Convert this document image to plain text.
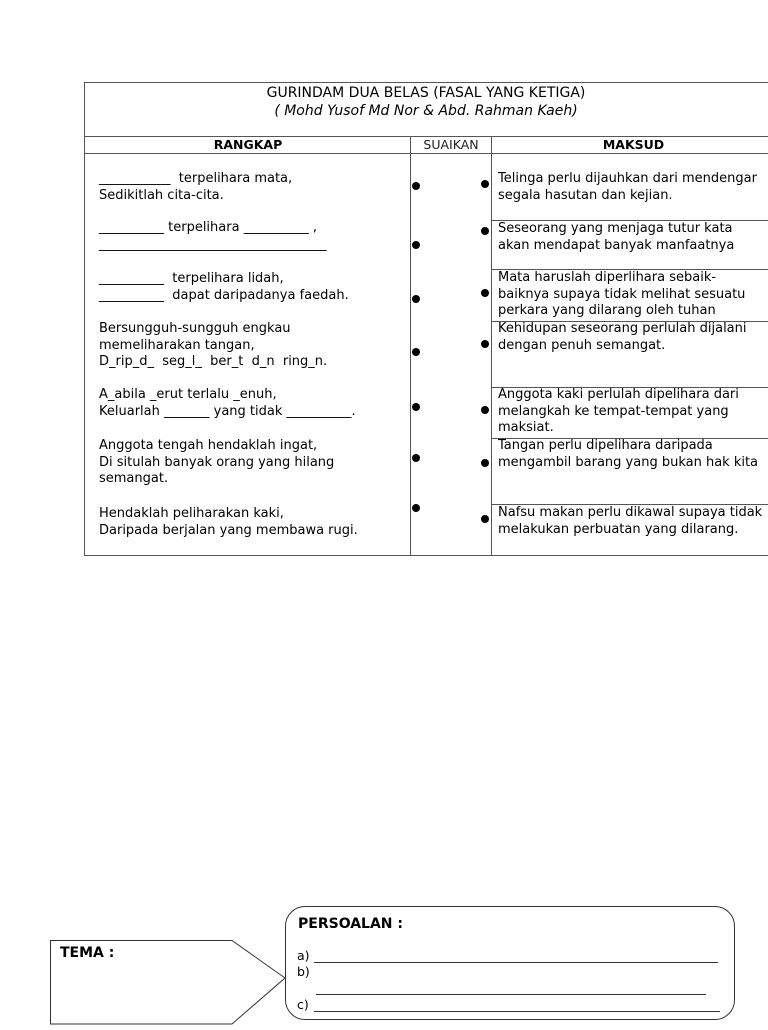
GURINDAM DUA BELAS (FASAL YANG KETIGA)
( Mohd Yusof Md Nor & Abd. Rahman Kaeh)
RANGKAP	SUAIKAN	MAKSUD
___________  terpelihara mata,
Sedikitlah cita-cita.
__________ terpelihara __________ ,
___________________________________
__________  terpelihara lidah,
__________  dapat daripadanya faedah.
Bersungguh-sungguh engkau
memeliharakan tangan,
D_rip_d_  seg_l_  ber_t  d_n  ring_n.
A_abila _erut terlalu _enuh,
Keluarlah _______ yang tidak __________.
Anggota tengah hendaklah ingat,
Di situlah banyak orang yang hilang
semangat.
Hendaklah peliharakan kaki,
Daripada berjalan yang membawa rugi.
Telinga perlu dijauhkan dari mendengar
segala hasutan dan kejian.
Seseorang yang menjaga tutur kata
akan mendapat banyak manfaatnya
Mata haruslah diperlihara sebaik-
baiknya supaya tidak melihat sesuatu
perkara yang dilarang oleh tuhan
Kehidupan seseorang perlulah dijalani
dengan penuh semangat.
Anggota kaki perlulah dipelihara dari
melangkah ke tempat-tempat yang
maksiat.
Tangan perlu dipelihara daripada
mengambil barang yang bukan hak kita
Nafsu makan perlu dikawal supaya tidak
melakukan perbuatan yang dilarang.
TEMA :
PERSOALAN :
a)
b)
c)
